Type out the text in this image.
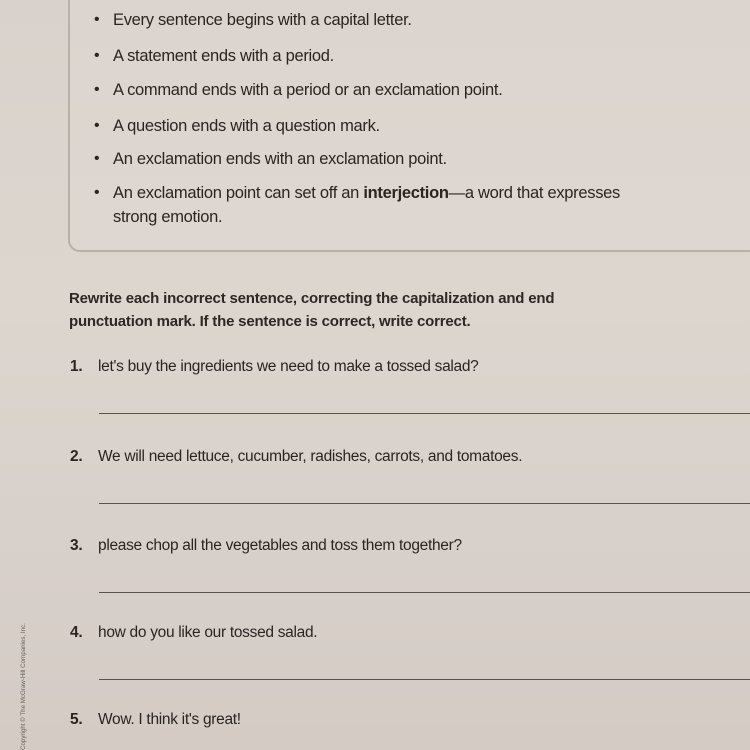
• Every sentence begins with a capital letter.
• A statement ends with a period.
• A command ends with a period or an exclamation point.
• A question ends with a question mark.
• An exclamation ends with an exclamation point.
• An exclamation point can set off an interjection—a word that expresses
strong emotion.
Rewrite each incorrect sentence, correcting the capitalization and end
punctuation mark. If the sentence is correct, write correct.
1. let's buy the ingredients we need to make a tossed salad?
2. We will need lettuce, cucumber, radishes, carrots, and tomatoes.
3. please chop all the vegetables and toss them together?
4. how do you like our tossed salad.
5. Wow. I think it's great!
Copyright © The McGraw-Hill Companies, Inc.
